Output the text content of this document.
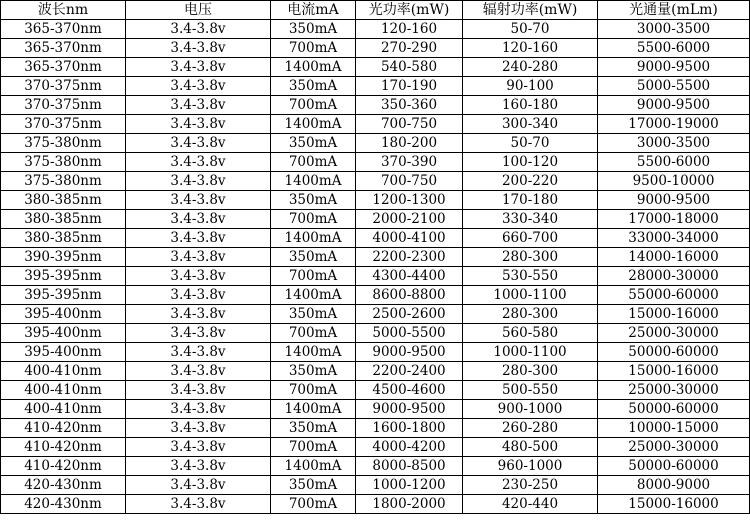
波长nm	电压	电流mA	光功率(mW)	辐射功率(mW)	光通量(mLm)
365-370nm	3.4-3.8v	350mA	120-160	50-70	3000-3500
365-370nm	3.4-3.8v	700mA	270-290	120-160	5500-6000
365-370nm	3.4-3.8v	1400mA	540-580	240-280	9000-9500
370-375nm	3.4-3.8v	350mA	170-190	90-100	5000-5500
370-375nm	3.4-3.8v	700mA	350-360	160-180	9000-9500
370-375nm	3.4-3.8v	1400mA	700-750	300-340	17000-19000
375-380nm	3.4-3.8v	350mA	180-200	50-70	3000-3500
375-380nm	3.4-3.8v	700mA	370-390	100-120	5500-6000
375-380nm	3.4-3.8v	1400mA	700-750	200-220	9500-10000
380-385nm	3.4-3.8v	350mA	1200-1300	170-180	9000-9500
380-385nm	3.4-3.8v	700mA	2000-2100	330-340	17000-18000
380-385nm	3.4-3.8v	1400mA	4000-4100	660-700	33000-34000
390-395nm	3.4-3.8v	350mA	2200-2300	280-300	14000-16000
395-395nm	3.4-3.8v	700mA	4300-4400	530-550	28000-30000
395-395nm	3.4-3.8v	1400mA	8600-8800	1000-1100	55000-60000
395-400nm	3.4-3.8v	350mA	2500-2600	280-300	15000-16000
395-400nm	3.4-3.8v	700mA	5000-5500	560-580	25000-30000
395-400nm	3.4-3.8v	1400mA	9000-9500	1000-1100	50000-60000
400-410nm	3.4-3.8v	350mA	2200-2400	280-300	15000-16000
400-410nm	3.4-3.8v	700mA	4500-4600	500-550	25000-30000
400-410nm	3.4-3.8v	1400mA	9000-9500	900-1000	50000-60000
410-420nm	3.4-3.8v	350mA	1600-1800	260-280	10000-15000
410-420nm	3.4-3.8v	700mA	4000-4200	480-500	25000-30000
410-420nm	3.4-3.8v	1400mA	8000-8500	960-1000	50000-60000
420-430nm	3.4-3.8v	350mA	1000-1200	230-250	8000-9000
420-430nm	3.4-3.8v	700mA	1800-2000	420-440	15000-16000
